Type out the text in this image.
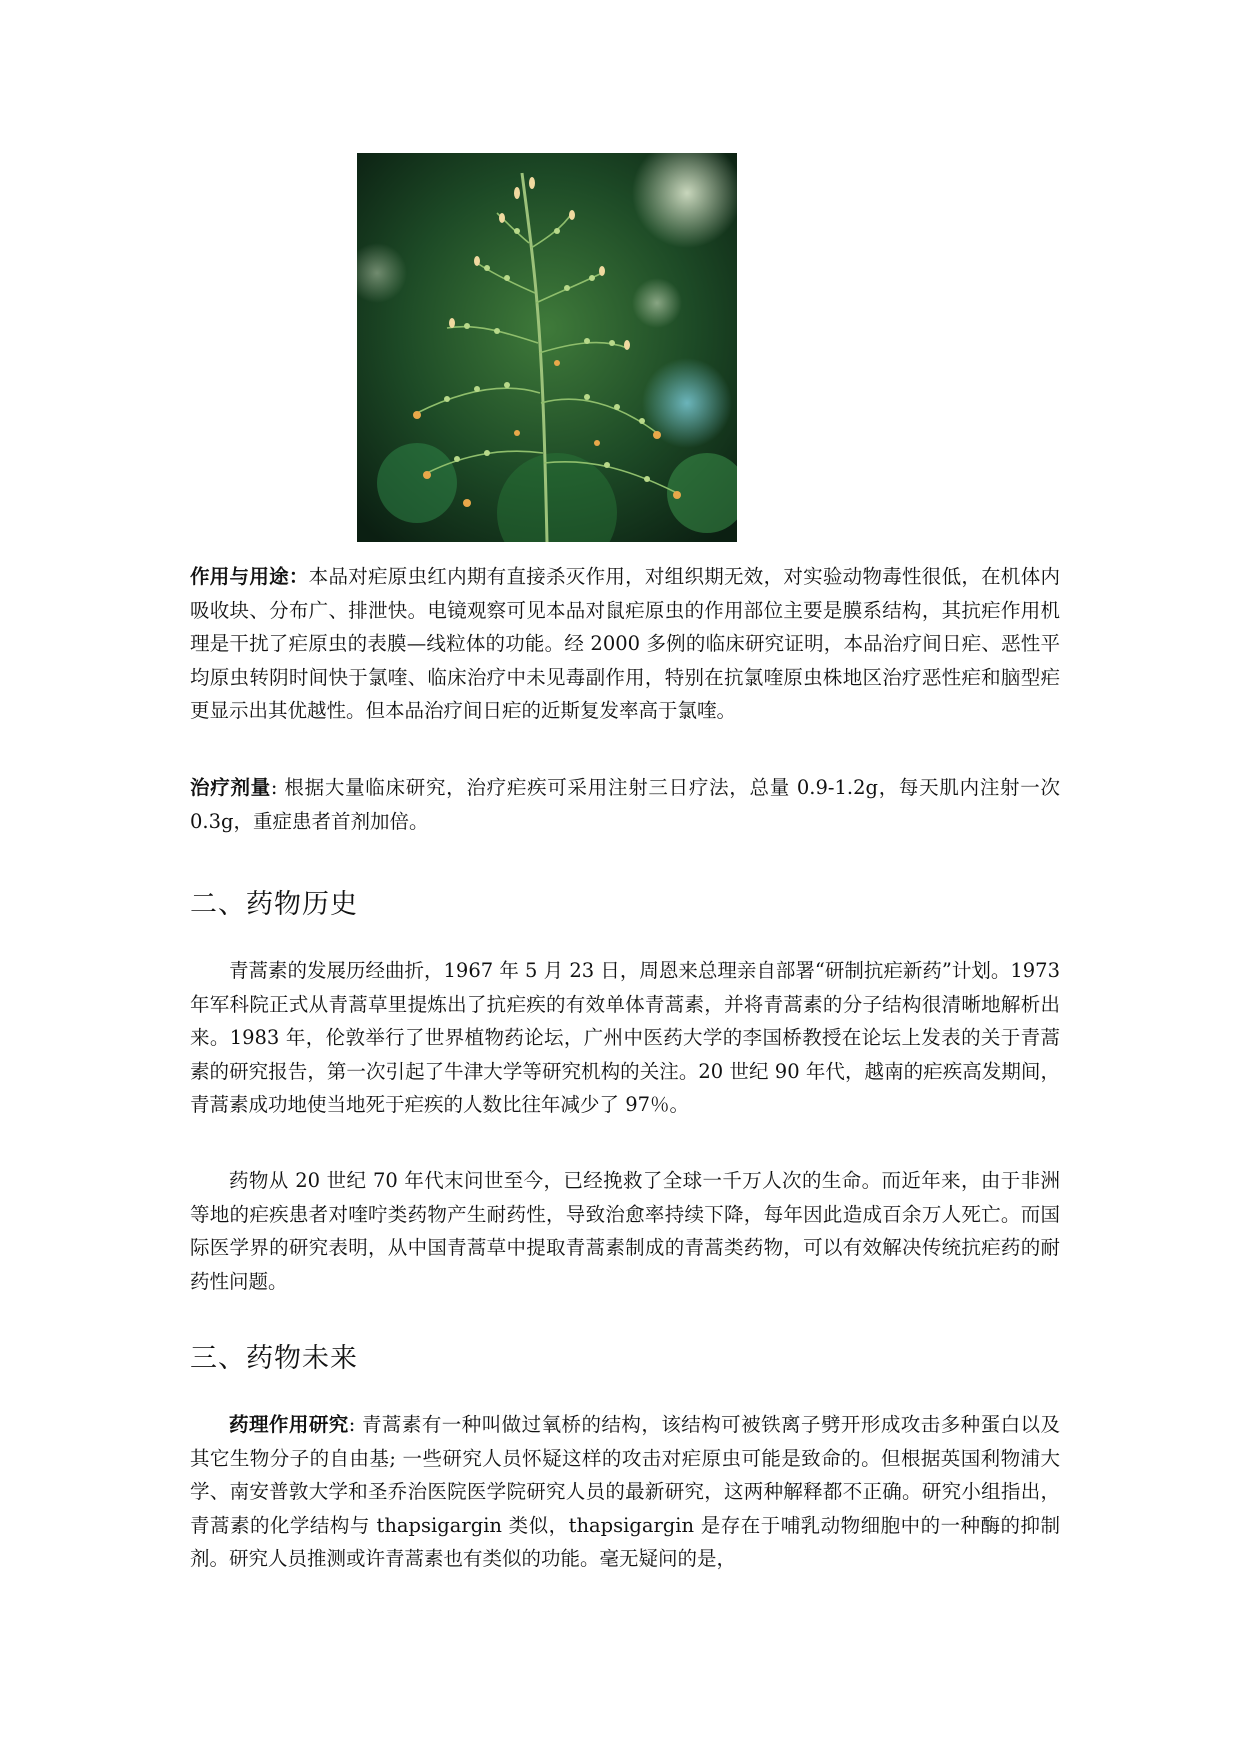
作用与用途：本品对疟原虫红内期有直接杀灭作用，对组织期无效，对实验动物毒性很低，在机体内吸收块、分布广、排泄快。电镜观察可见本品对鼠疟原虫的作用部位主要是膜系结构，其抗疟作用机理是干扰了疟原虫的表膜—线粒体的功能。经 2000 多例的临床研究证明，本品治疗间日疟、恶性平均原虫转阴时间快于氯喹、临床治疗中未见毒副作用，特别在抗氯喹原虫株地区治疗恶性疟和脑型疟更显示出其优越性。但本品治疗间日疟的近斯复发率高于氯喹。

治疗剂量: 根据大量临床研究，治疗疟疾可采用注射三日疗法，总量 0.9-1.2g，每天肌内注射一次 0.3g，重症患者首剂加倍。

二、药物历史

青蒿素的发展历经曲折，1967 年 5 月 23 日，周恩来总理亲自部署“研制抗疟新药”计划。1973 年军科院正式从青蒿草里提炼出了抗疟疾的有效单体青蒿素，并将青蒿素的分子结构很清晰地解析出来。1983 年，伦敦举行了世界植物药论坛，广州中医药大学的李国桥教授在论坛上发表的关于青蒿素的研究报告，第一次引起了牛津大学等研究机构的关注。20 世纪 90 年代，越南的疟疾高发期间，青蒿素成功地使当地死于疟疾的人数比往年减少了 97％。

药物从 20 世纪 70 年代末问世至今，已经挽救了全球一千万人次的生命。而近年来，由于非洲等地的疟疾患者对喹咛类药物产生耐药性，导致治愈率持续下降，每年因此造成百余万人死亡。而国际医学界的研究表明，从中国青蒿草中提取青蒿素制成的青蒿类药物，可以有效解决传统抗疟药的耐药性问题。

三、药物未来

药理作用研究: 青蒿素有一种叫做过氧桥的结构，该结构可被铁离子劈开形成攻击多种蛋白以及其它生物分子的自由基; 一些研究人员怀疑这样的攻击对疟原虫可能是致命的。但根据英国利物浦大学、南安普敦大学和圣乔治医院医学院研究人员的最新研究，这两种解释都不正确。研究小组指出，青蒿素的化学结构与 thapsigargin 类似，thapsigargin 是存在于哺乳动物细胞中的一种酶的抑制剂。研究人员推测或许青蒿素也有类似的功能。毫无疑问的是，
